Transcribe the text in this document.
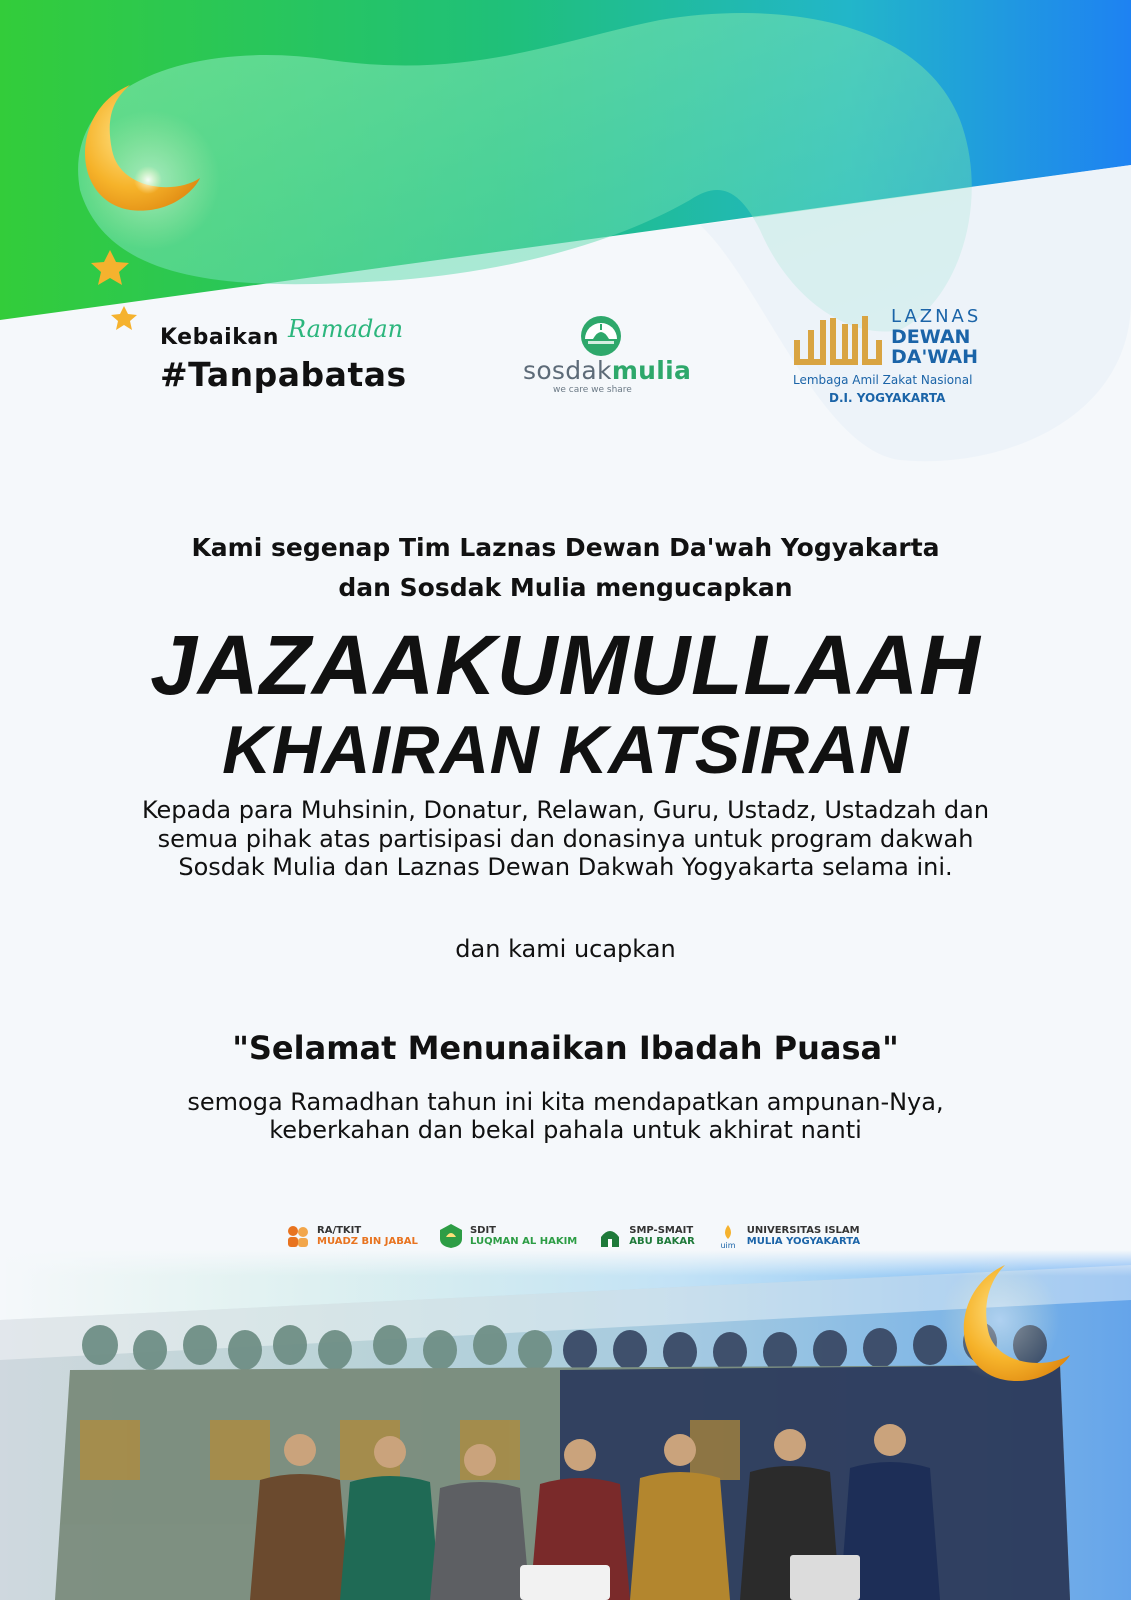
Kebaikan Ramadan
#Tanpabatas	sosdakmulia
we care we share
LAZNAS
DEWAN DA'WAH
Lembaga Amil Zakat Nasional
D.I. YOGYAKARTA
Kami segenap Tim Laznas Dewan Da'wah Yogyakarta
dan Sosdak Mulia mengucapkan
JAZAAKUMULLAAH
KHAIRAN KATSIRAN
Kepada para Muhsinin, Donatur, Relawan, Guru, Ustadz, Ustadzah dan semua pihak atas partisipasi dan donasinya untuk program dakwah Sosdak Mulia dan Laznas Dewan Dakwah Yogyakarta selama ini.
dan kami ucapkan
"Selamat Menunaikan Ibadah Puasa"
semoga Ramadhan tahun ini kita mendapatkan ampunan-Nya,
keberkahan dan bekal pahala untuk akhirat nanti
RA/TKIT
MUADZ BIN JABAL
SDIT
LUQMAN AL HAKIM
SMP-SMAIT
ABU BAKAR	uim
UNIVERSITAS ISLAM
MULIA YOGYAKARTA
